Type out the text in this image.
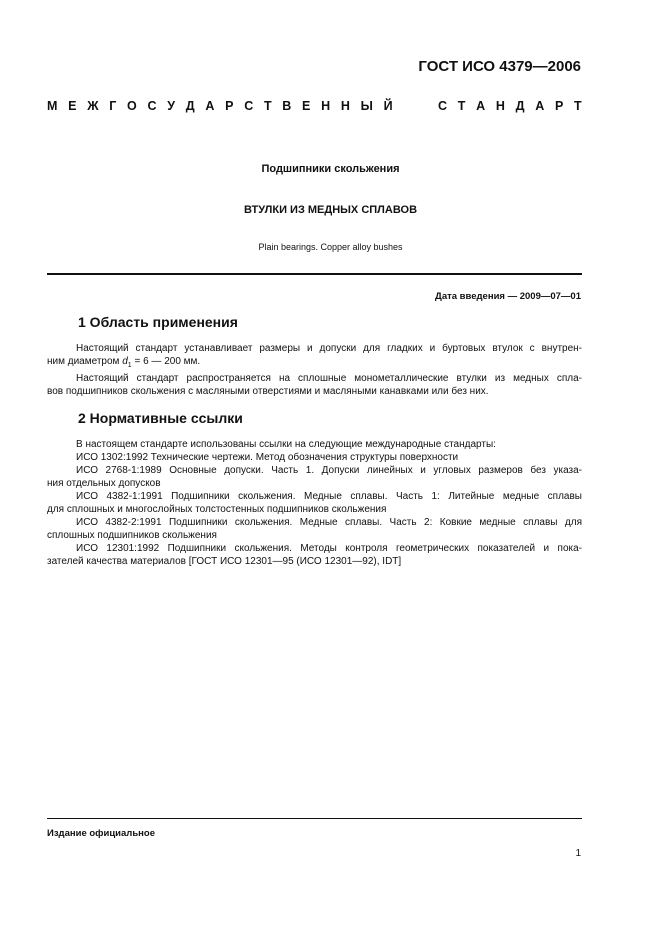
ГОСТ ИСО 4379—2006
М Е Ж Г О С У Д А Р С Т В Е Н Н Ы Й	С Т А Н Д А Р Т
Подшипники скольжения
ВТУЛКИ ИЗ МЕДНЫХ СПЛАВОВ
Plain bearings. Copper alloy bushes
Дата введения — 2009—07—01
1 Область применения
Настоящий стандарт устанавливает размеры и допуски для гладких и буртовых втулок с внутрен-
ним диаметром $d_1 = 6$ — 200 мм.
Настоящий стандарт распространяется на сплошные монометаллические втулки из медных спла-
вов подшипников скольжения с масляными отверстиями и масляными канавками или без них.
2 Нормативные ссылки
В настоящем стандарте использованы ссылки на следующие международные стандарты:
ИСО 1302:1992 Технические чертежи. Метод обозначения структуры поверхности
ИСО 2768-1:1989 Основные допуски. Часть 1. Допуски линейных и угловых размеров без указа-
ния отдельных допусков
ИСО 4382-1:1991 Подшипники скольжения. Медные сплавы. Часть 1: Литейные медные сплавы
для сплошных и многослойных толстостенных подшипников скольжения
ИСО 4382-2:1991 Подшипники скольжения. Медные сплавы. Часть 2: Ковкие медные сплавы для
сплошных подшипников скольжения
ИСО 12301:1992 Подшипники скольжения. Методы контроля геометрических показателей и пока-
зателей качества материалов [ГОСТ ИСО 12301—95 (ИСО 12301—92), IDT]
Издание официальное
1
